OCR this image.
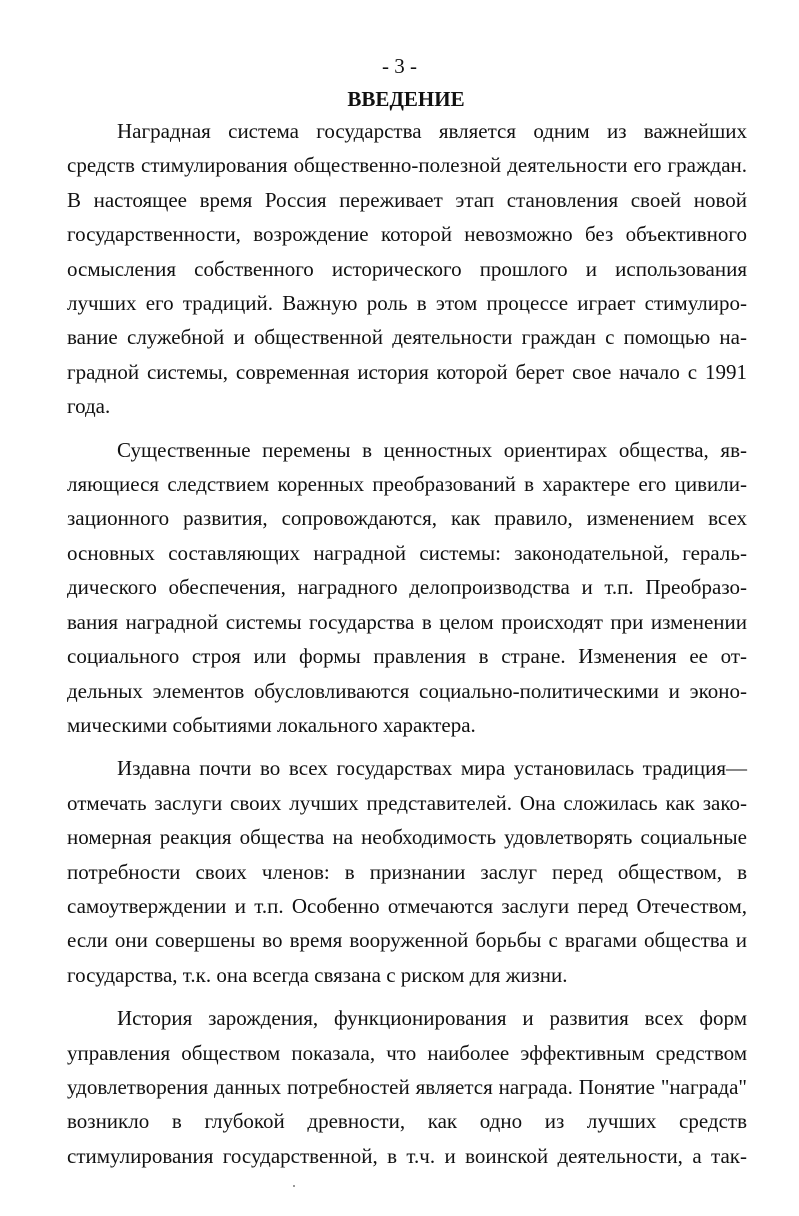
- 3 -
ВВЕДЕНИЕ

Наградная система государства является одним из важнейших средств стимулирования общественно-полезной деятельности его граждан. В настоящее время Россия переживает этап становления своей новой государственности, возрождение которой невозможно без объективного осмысления собственного исторического прошлого и использования лучших его традиций. Важную роль в этом процессе играет стимулирование служебной и общественной деятельности граждан с помощью наградной системы, современная история которой берет свое начало с 1991 года.

Существенные перемены в ценностных ориентирах общества, являющиеся следствием коренных преобразований в характере его цивилизационного развития, сопровождаются, как правило, изменением всех основных составляющих наградной системы: законодательной, геральдического обеспечения, наградного делопроизводства и т.п. Преобразования наградной системы государства в целом происходят при изменении социального строя или формы правления в стране. Изменения ее отдельных элементов обусловливаются социально-политическими и экономическими событиями локального характера.

Издавна почти во всех государствах мира установилась традиция— отмечать заслуги своих лучших представителей. Она сложилась как закономерная реакция общества на необходимость удовлетворять социальные потребности своих членов: в признании заслуг перед обществом, в самоутверждении и т.п. Особенно отмечаются заслуги перед Отечеством, если они совершены во время вооруженной борьбы с врагами общества и государства, т.к. она всегда связана с риском для жизни.

История зарождения, функционирования и развития всех форм управления обществом показала, что наиболее эффективным средством удовлетворения данных потребностей является награда. Понятие "награда" возникло в глубокой древности, как одно из лучших средств стимулирования государственной, в т.ч. и воинской деятельности, а так-
